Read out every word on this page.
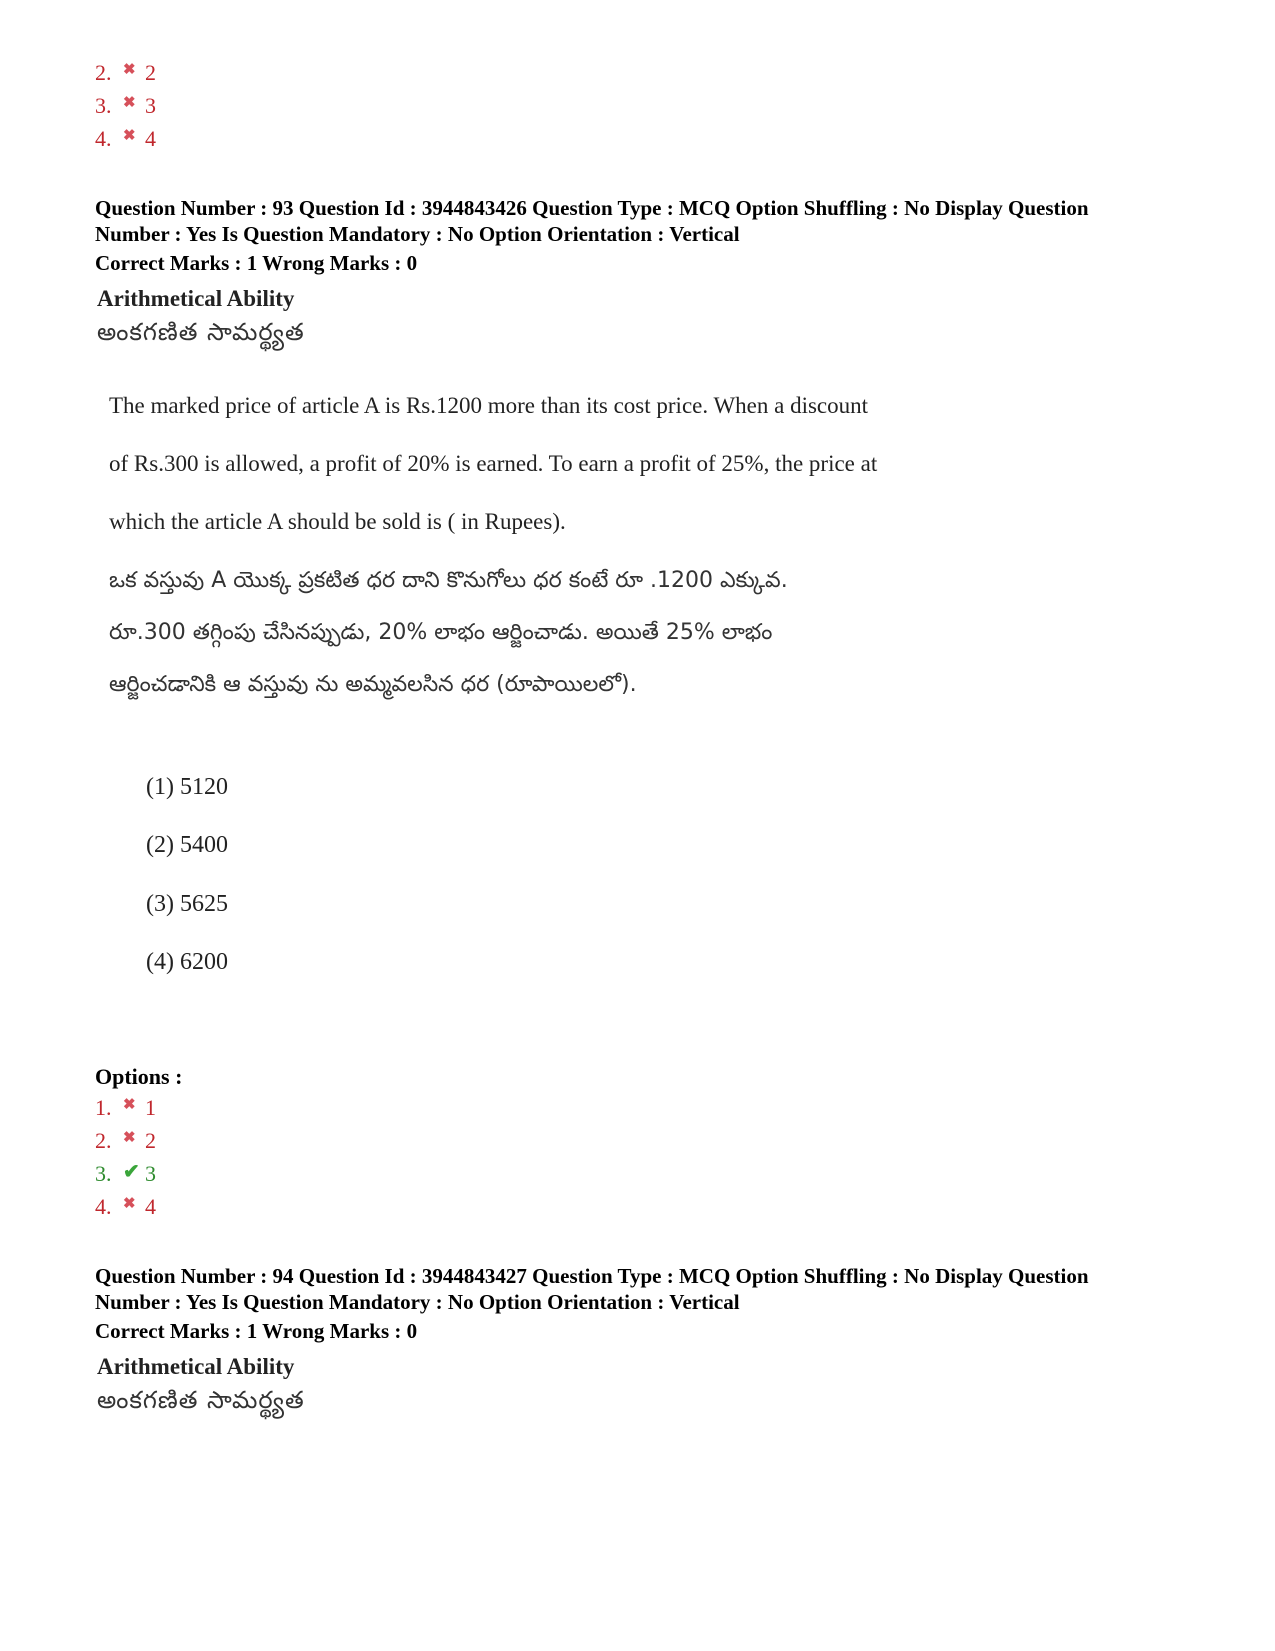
2. ✖ 2
3. ✖ 3
4. ✖ 4
Question Number : 93 Question Id : 3944843426 Question Type : MCQ Option Shuffling : No Display Question
Number : Yes Is Question Mandatory : No Option Orientation : Vertical
Correct Marks : 1 Wrong Marks : 0
Arithmetical Ability
అంకగణిత సామర్థ్యత
The marked price of article A is Rs.1200 more than its cost price. When a discount
of Rs.300 is allowed, a profit of 20% is earned. To earn a profit of 25%, the price at
which the article A should be sold is ( in Rupees).
ఒక వస్తువు A యొక్క ప్రకటిత ధర దాని కొనుగోలు ధర కంటే రూ .1200 ఎక్కువ.
రూ.300 తగ్గింపు చేసినప్పుడు, 20% లాభం ఆర్జించాడు. అయితే 25% లాభం
ఆర్జించడానికి ఆ వస్తువు ను అమ్మవలసిన ధర (రూపాయిలలో).
(1) 5120
(2) 5400
(3) 5625
(4) 6200
Options :
1. ✖ 1
2. ✖ 2
3. ✔ 3
4. ✖ 4
Question Number : 94 Question Id : 3944843427 Question Type : MCQ Option Shuffling : No Display Question
Number : Yes Is Question Mandatory : No Option Orientation : Vertical
Correct Marks : 1 Wrong Marks : 0
Arithmetical Ability
అంకగణిత సామర్థ్యత
